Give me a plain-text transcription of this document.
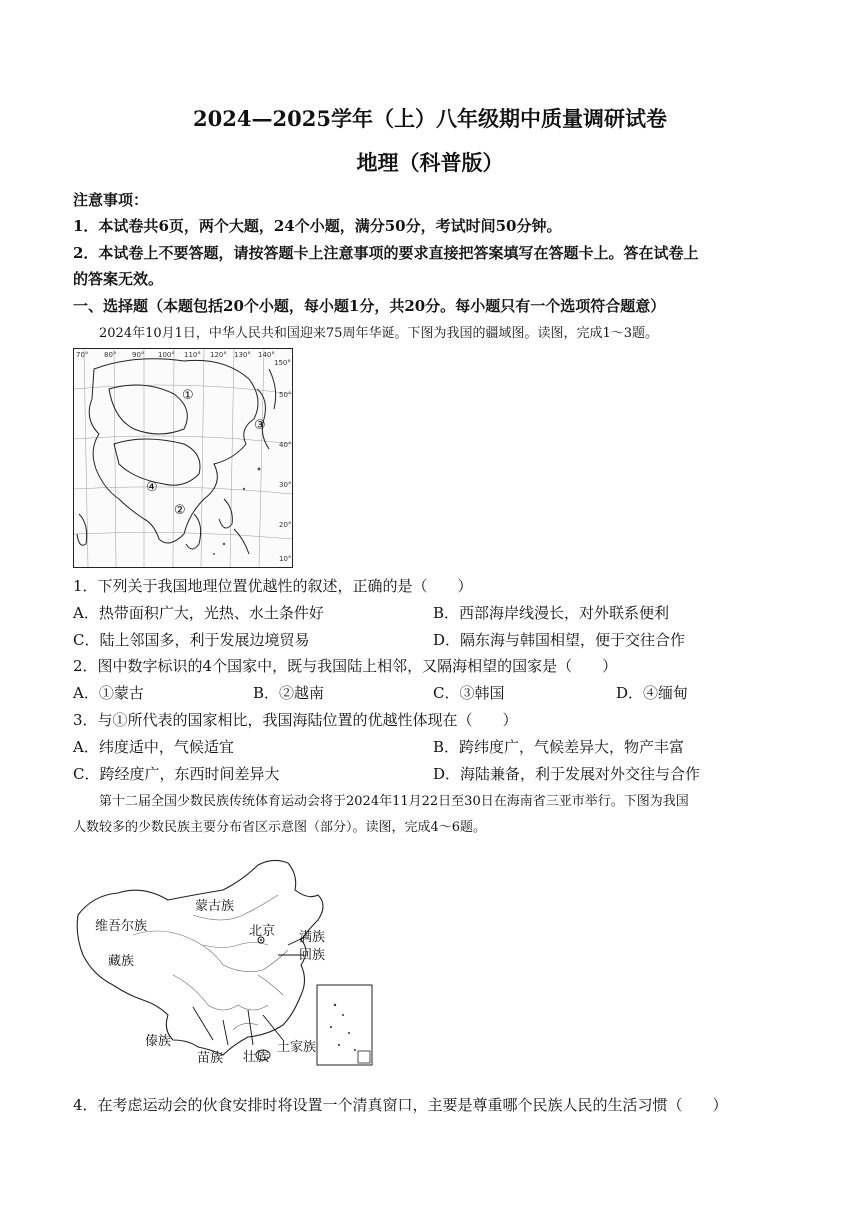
2024—2025学年（上）八年级期中质量调研试卷
地理（科普版）
注意事项：
1．本试卷共6页，两个大题，24个小题，满分50分，考试时间50分钟。
2．本试卷上不要答题，请按答题卡上注意事项的要求直接把答案填写在答题卡上。答在试卷上
的答案无效。
一、选择题（本题包括20个小题，每小题1分，共20分。每小题只有一个选项符合题意）
2024年10月1日，中华人民共和国迎来75周年华诞。下图为我国的疆域图。读图，完成1～3题。
70° 80° 90° 100° 110° 120° 130° 140°
150°
50°
40°
30°
20°
10°
①
②
③
④
1．下列关于我国地理位置优越性的叙述，正确的是（　　）
A．热带面积广大，光热、水土条件好	B．西部海岸线漫长，对外联系便利
C．陆上邻国多，利于发展边境贸易	D．隔东海与韩国相望，便于交往合作
2．图中数字标识的4个国家中，既与我国陆上相邻，又隔海相望的国家是（　　）
A．①蒙古	B．②越南	C．③韩国	D．④缅甸
3．与①所代表的国家相比，我国海陆位置的优越性体现在（　　）
A．纬度适中，气候适宜	B．跨纬度广，气候差异大，物产丰富
C．跨经度广，东西时间差异大	D．海陆兼备，利于发展对外交往与合作
第十二届全国少数民族传统体育运动会将于2024年11月22日至30日在海南省三亚市举行。下图为我国
人数较多的少数民族主要分布省区示意图（部分）。读图，完成4～6题。
维吾尔族
蒙古族
北京 满族
回族
藏族
傣族
苗族 壮族
土家族
4．在考虑运动会的伙食安排时将设置一个清真窗口，主要是尊重哪个民族人民的生活习惯（　　）
